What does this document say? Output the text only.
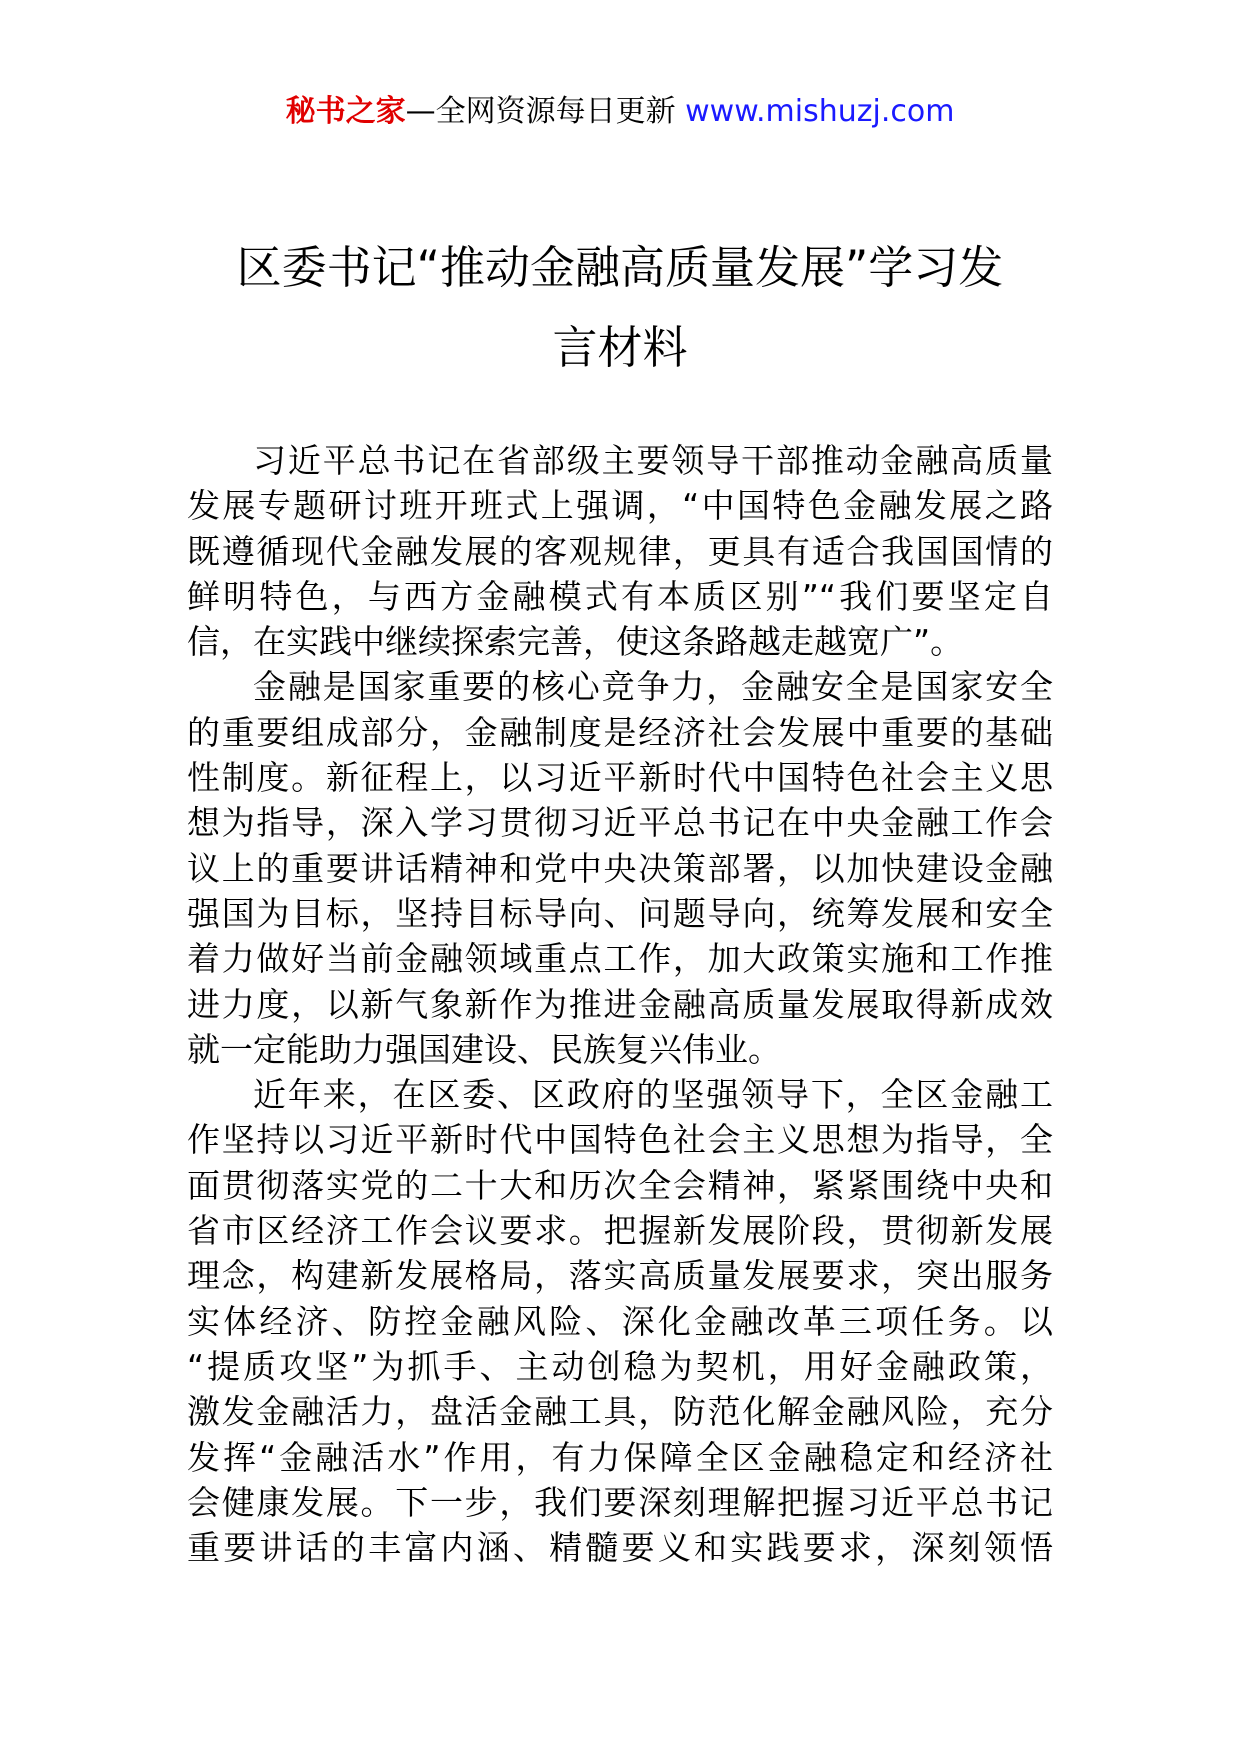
秘书之家—全网资源每日更新 www.mishuzj.com
区委书记“推动金融高质量发展”学习发
言材料

习近平总书记在省部级主要领导干部推动金融高质量
发展专题研讨班开班式上强调，“中国特色金融发展之路
既遵循现代金融发展的客观规律，更具有适合我国国情的
鲜明特色，与西方金融模式有本质区别”“我们要坚定自
信，在实践中继续探索完善，使这条路越走越宽广”。

金融是国家重要的核心竞争力，金融安全是国家安全
的重要组成部分，金融制度是经济社会发展中重要的基础
性制度。新征程上，以习近平新时代中国特色社会主义思
想为指导，深入学习贯彻习近平总书记在中央金融工作会
议上的重要讲话精神和党中央决策部署，以加快建设金融
强国为目标，坚持目标导向、问题导向，统筹发展和安全
着力做好当前金融领域重点工作，加大政策实施和工作推
进力度，以新气象新作为推进金融高质量发展取得新成效
就一定能助力强国建设、民族复兴伟业。

近年来，在区委、区政府的坚强领导下，全区金融工
作坚持以习近平新时代中国特色社会主义思想为指导，全
面贯彻落实党的二十大和历次全会精神，紧紧围绕中央和
省市区经济工作会议要求。把握新发展阶段，贯彻新发展
理念，构建新发展格局，落实高质量发展要求，突出服务
实体经济、防控金融风险、深化金融改革三项任务。以
“提质攻坚”为抓手、主动创稳为契机，用好金融政策，
激发金融活力，盘活金融工具，防范化解金融风险，充分
发挥“金融活水”作用，有力保障全区金融稳定和经济社
会健康发展。下一步，我们要深刻理解把握习近平总书记
重要讲话的丰富内涵、精髓要义和实践要求，深刻领悟
